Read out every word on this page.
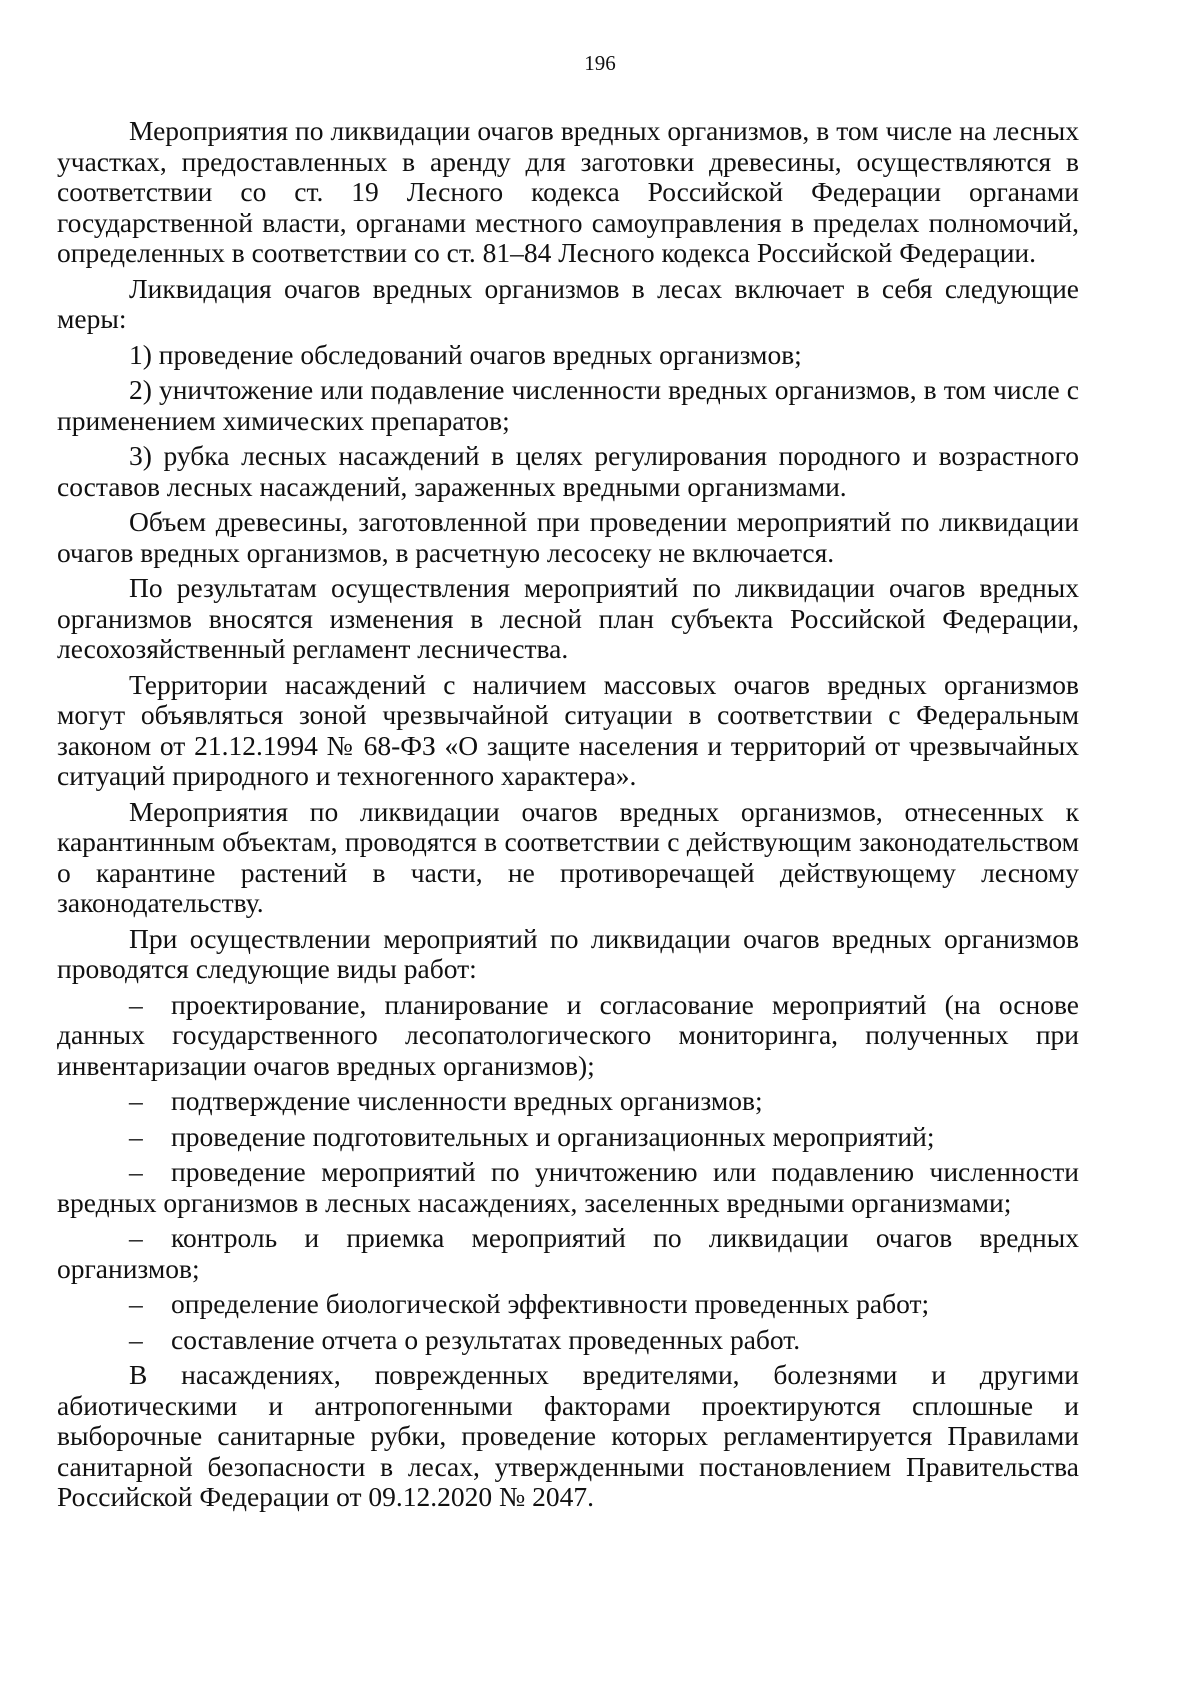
196

Мероприятия по ликвидации очагов вредных организмов, в том числе на лесных участках, предоставленных в аренду для заготовки древесины, осуществляются в соответствии со ст. 19 Лесного кодекса Российской Федерации органами государственной власти, органами местного самоуправления в пределах полномочий, определенных в соответствии со ст. 81–84 Лесного кодекса Российской Федерации.

Ликвидация очагов вредных организмов в лесах включает в себя следующие меры:

1) проведение обследований очагов вредных организмов;

2) уничтожение или подавление численности вредных организмов, в том числе с применением химических препаратов;

3) рубка лесных насаждений в целях регулирования породного и возрастного составов лесных насаждений, зараженных вредными организмами.

Объем древесины, заготовленной при проведении мероприятий по ликвидации очагов вредных организмов, в расчетную лесосеку не включается.

По результатам осуществления мероприятий по ликвидации очагов вредных организмов вносятся изменения в лесной план субъекта Российской Федерации, лесохозяйственный регламент лесничества.

Территории насаждений с наличием массовых очагов вредных организмов могут объявляться зоной чрезвычайной ситуации в соответствии с Федеральным законом от 21.12.1994 № 68-ФЗ «О защите населения и территорий от чрезвычайных ситуаций природного и техногенного характера».

Мероприятия по ликвидации очагов вредных организмов, отнесенных к карантинным объектам, проводятся в соответствии с действующим законодательством о карантине растений в части, не противоречащей действующему лесному законодательству.

При осуществлении мероприятий по ликвидации очагов вредных организмов проводятся следующие виды работ:

– проектирование, планирование и согласование мероприятий (на основе данных государственного лесопатологического мониторинга, полученных при инвентаризации очагов вредных организмов);

– подтверждение численности вредных организмов;

– проведение подготовительных и организационных мероприятий;

– проведение мероприятий по уничтожению или подавлению численности вредных организмов в лесных насаждениях, заселенных вредными организмами;

– контроль и приемка мероприятий по ликвидации очагов вредных организмов;

– определение биологической эффективности проведенных работ;

– составление отчета о результатах проведенных работ.

В насаждениях, поврежденных вредителями, болезнями и другими абиотическими и антропогенными факторами проектируются сплошные и выборочные санитарные рубки, проведение которых регламентируется Правилами санитарной безопасности в лесах, утвержденными постановлением Правительства Российской Федерации от 09.12.2020 № 2047.
